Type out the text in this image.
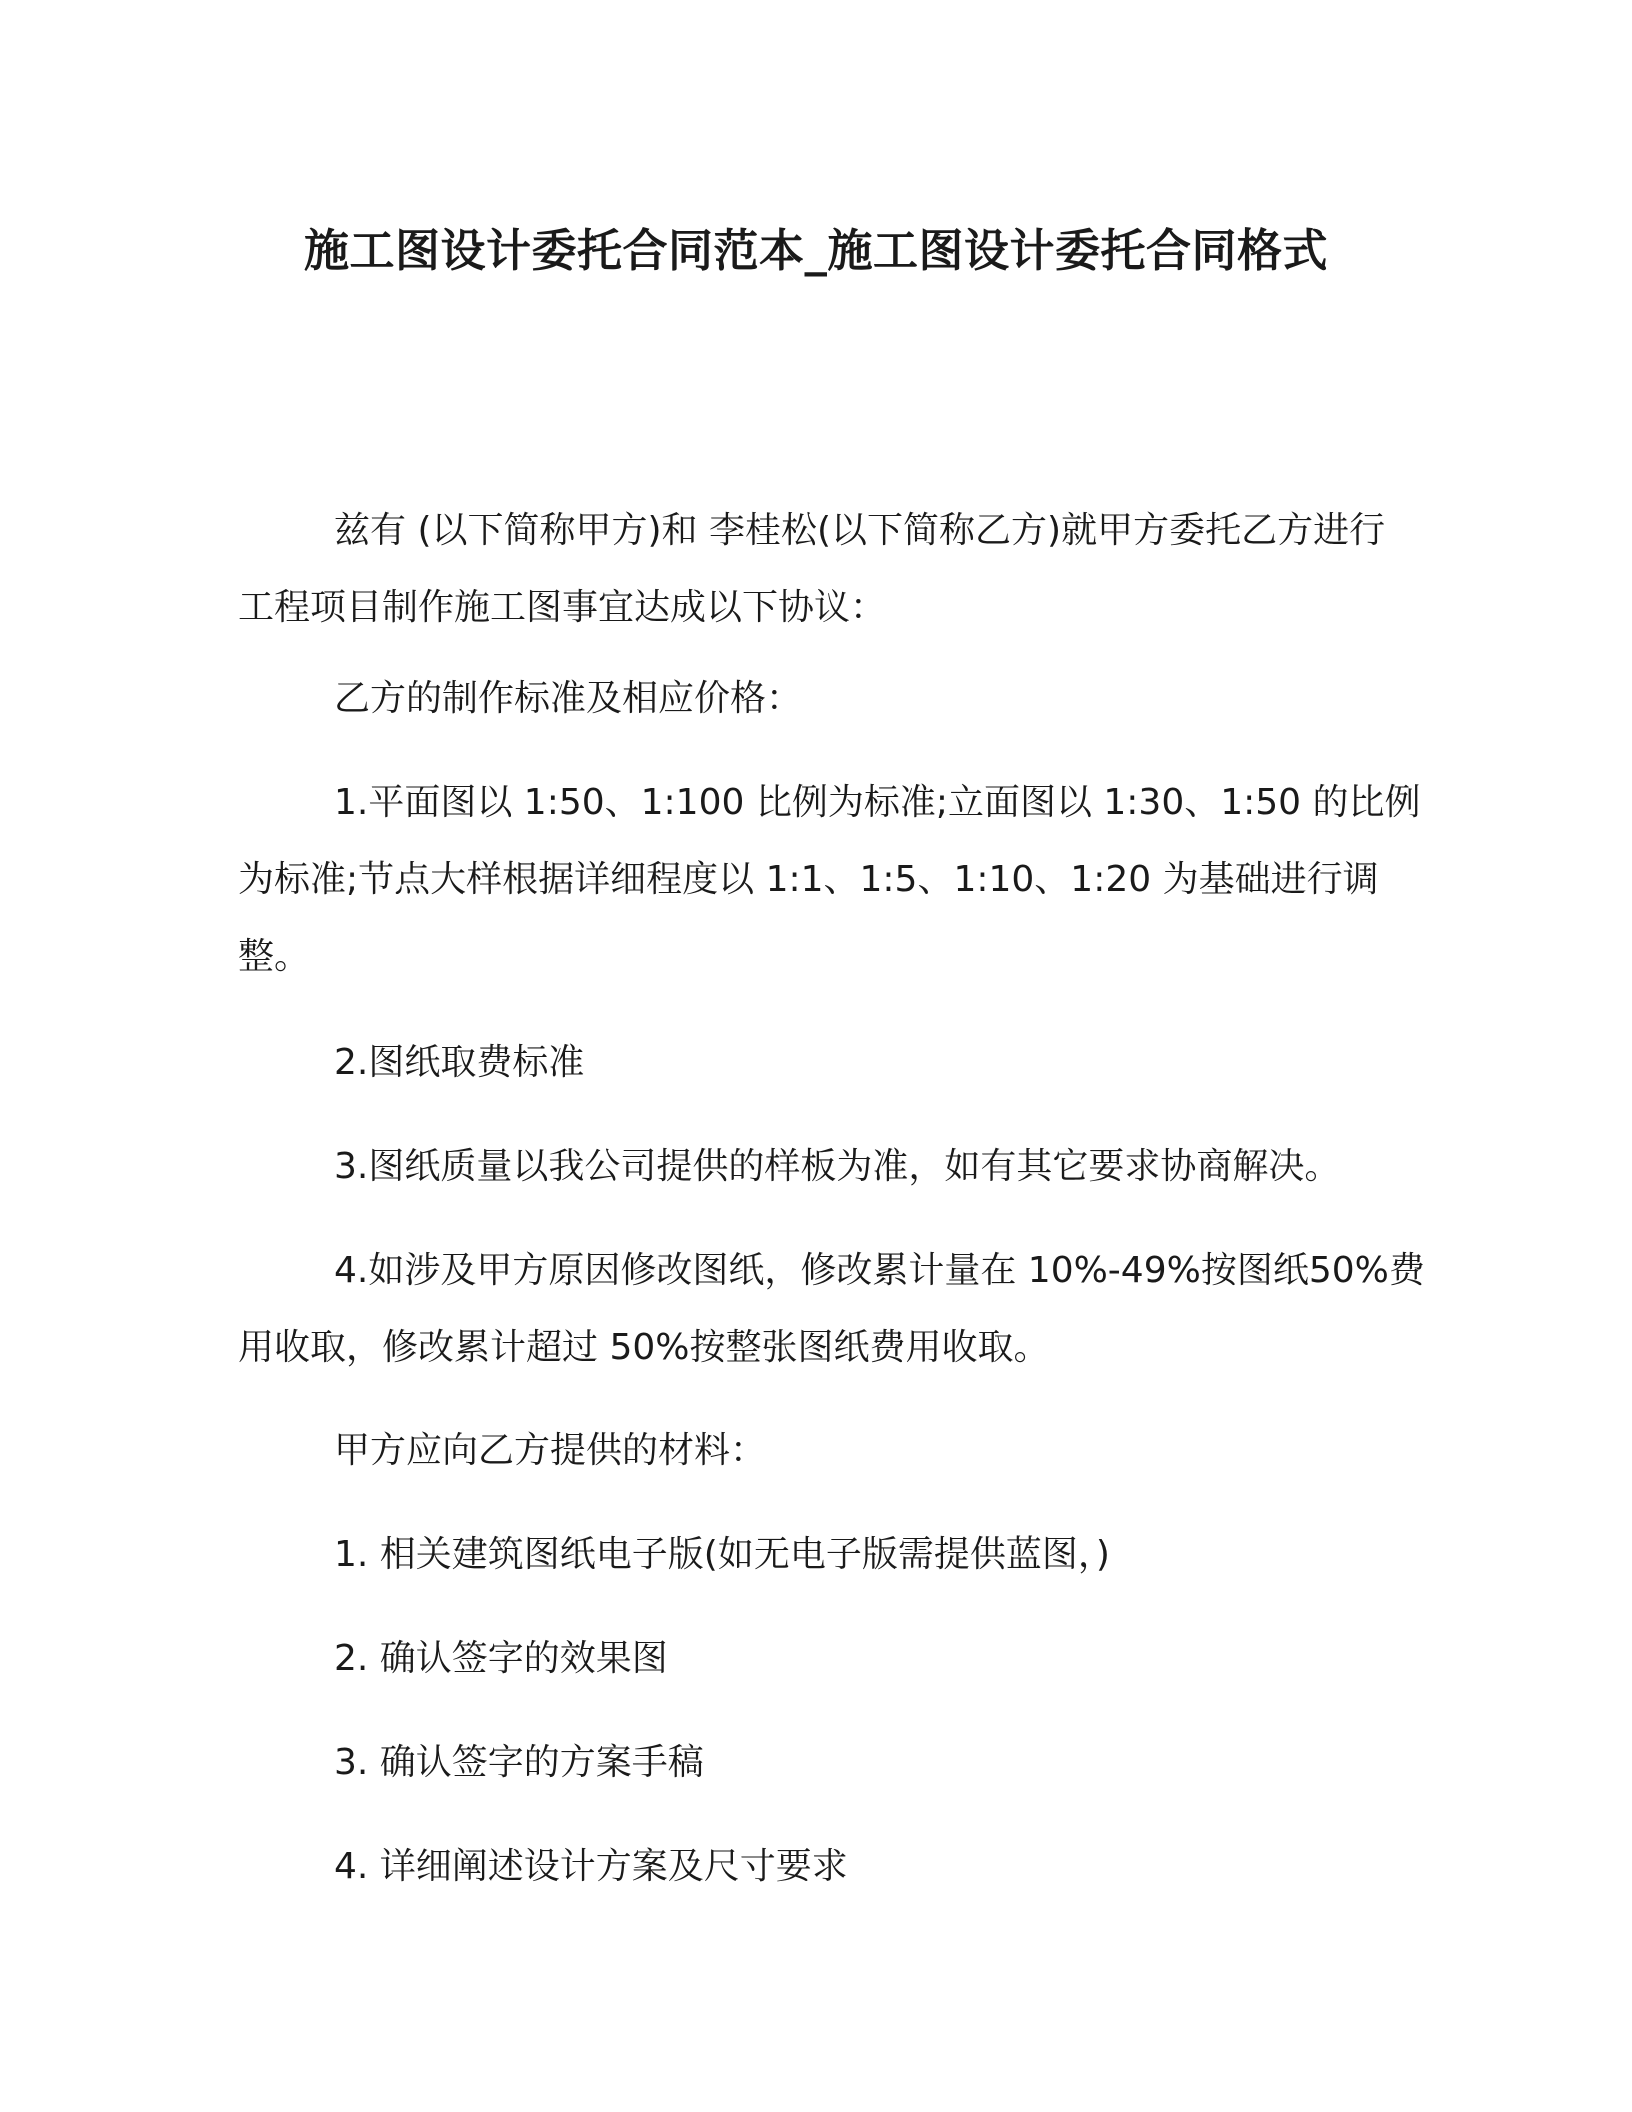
施工图设计委托合同范本_施工图设计委托合同格式

兹有 (以下简称甲方)和 李桂松(以下简称乙方)就甲方委托乙方进行 工程项目制作施工图事宜达成以下协议：

乙方的制作标准及相应价格：

1.平面图以 1:50、1:100 比例为标准;立面图以 1:30、1:50 的比例为标准;节点大样根据详细程度以 1:1、1:5、1:10、1:20 为基础进行调整。

2.图纸取费标准

3.图纸质量以我公司提供的样板为准，如有其它要求协商解决。

4.如涉及甲方原因修改图纸，修改累计量在 10%-49%按图纸50%费用收取，修改累计超过 50%按整张图纸费用收取。

甲方应向乙方提供的材料：

1. 相关建筑图纸电子版(如无电子版需提供蓝图，)

2. 确认签字的效果图

3. 确认签字的方案手稿

4. 详细阐述设计方案及尺寸要求
